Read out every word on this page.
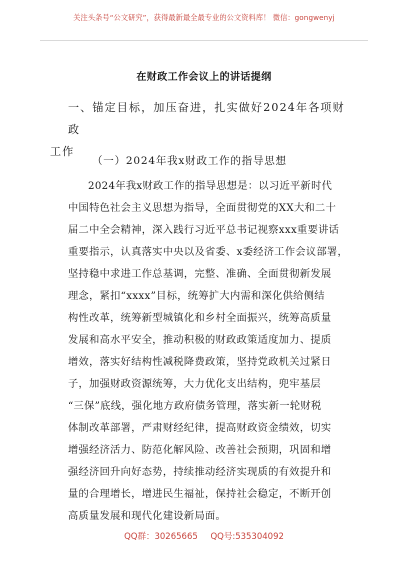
关注头条号“公文研究”，获得最新最全最专业的公文资料库！ 微信：gongwenyj
在财政工作会议上的讲话提纲
一、锚定目标，加压奋进，扎实做好2024年各项财政
工作
（一）2024年我x财政工作的指导思想
2024年我x财政工作的指导思想是：以习近平新时代
中国特色社会主义思想为指导，全面贯彻党的XX大和二十
届二中全会精神，深入践行习近平总书记视察xxx重要讲话
重要指示，认真落实中央以及省委、x委经济工作会议部署，
坚持稳中求进工作总基调，完整、准确、全面贯彻新发展
理念，紧扣“xxxx”目标，统筹扩大内需和深化供给侧结
构性改革，统筹新型城镇化和乡村全面振兴，统筹高质量
发展和高水平安全，推动积极的财政政策适度加力、提质
增效，落实好结构性减税降费政策，坚持党政机关过紧日
子，加强财政资源统筹，大力优化支出结构，兜牢基层
“三保”底线，强化地方政府债务管理，落实新一轮财税
体制改革部署，严肃财经纪律，提高财政资金绩效，切实
增强经济活力、防范化解风险、改善社会预期，巩固和增
强经济回升向好态势，持续推动经济实现质的有效提升和
量的合理增长，增进民生福祉，保持社会稳定，不断开创
高质量发展和现代化建设新局面。
QQ群：30265665 QQ号:535304092
